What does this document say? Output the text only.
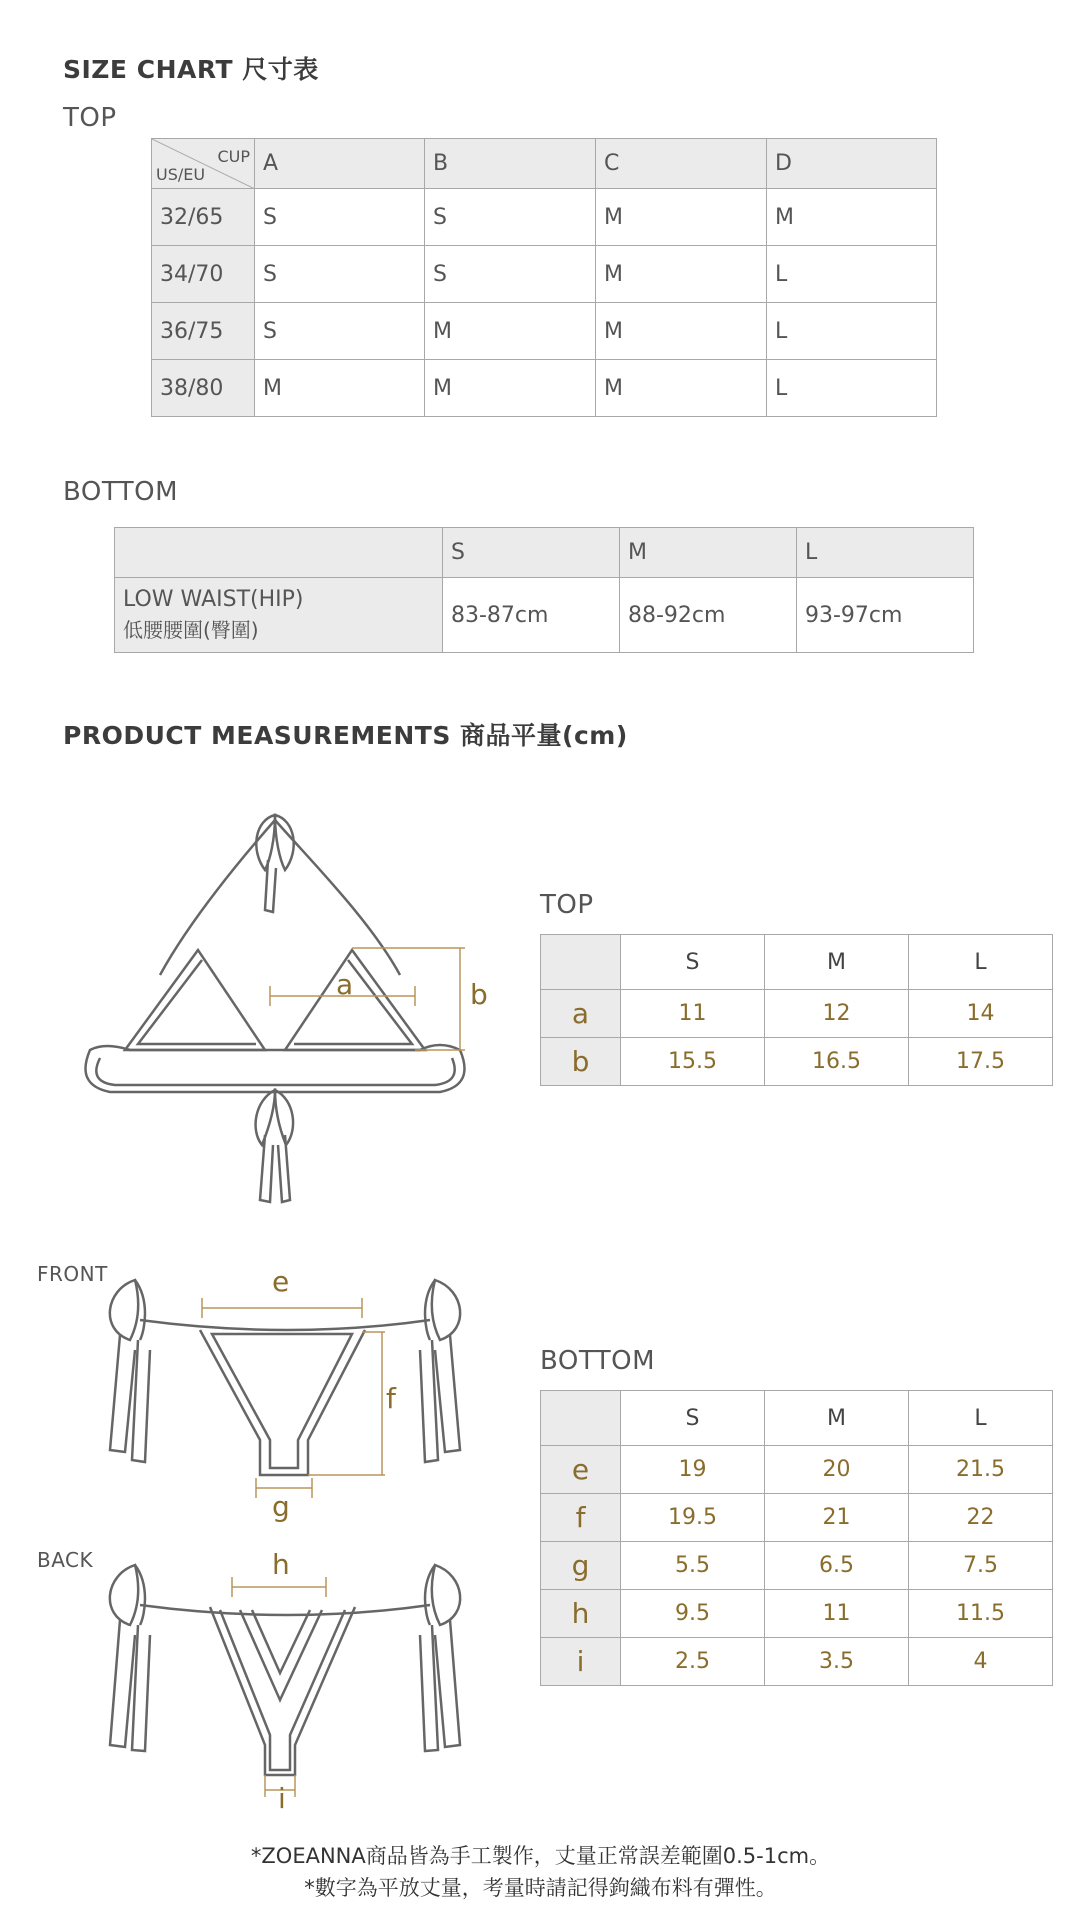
SIZE CHART 尺寸表
TOP
CUP
US/EU	A	B	C	D
32/65	S	S	M	M
34/70	S	S	M	L
36/75	S	M	M	L
38/80	M	M	M	L
BOTTOM
	S	M	L

LOW WAIST(HIP)
低腰腰圍(臀圍)	83-87cm	88-92cm	93-97cm
PRODUCT MEASUREMENTS 商品平量(cm)
a	b
TOP
	S	M	L
a	11	12	14
b	15.5	16.5	17.5
FRONT	e
f
g
BACK	h
i
BOTTOM
	S	M	L
e	19	20	21.5
f	19.5	21	22
g	5.5	6.5	7.5
h	9.5	11	11.5
i	2.5	3.5	4
*ZOEANNA商品皆為手工製作，丈量正常誤差範圍0.5-1cm。
*數字為平放丈量，考量時請記得鉤織布料有彈性。
